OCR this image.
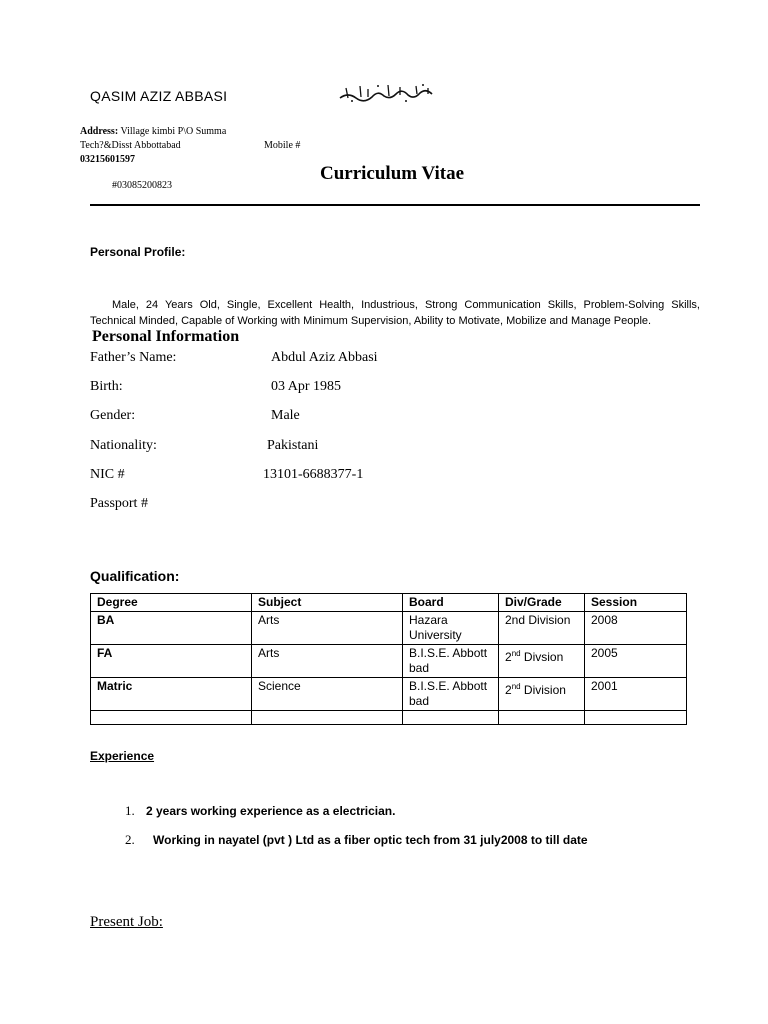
QASIM AZIZ ABBASI
Address: Village kimbi P\O Summa
Tech?&Disst Abbottabad	Mobile #
03215601597
#03085200823
Curriculum Vitae
Personal Profile:
Male, 24 Years Old, Single, Excellent Health, Industrious, Strong Communication Skills, Problem-Solving Skills, Technical Minded, Capable of Working with Minimum Supervision, Ability to Motivate, Mobilize and Manage People.
Personal Information
Father’s Name:	Abdul Aziz Abbasi
Birth:	03 Apr 1985
Gender:	Male
Nationality:	Pakistani
NIC #	13101-6688377-1
Passport #
Qualification:
Degree	Subject	Board	Div/Grade	Session
BA	Arts	Hazara University	2nd Division	2008
FA	Arts	B.I.S.E. Abbott bad	2nd Divsion	2005
Matric	Science	B.I.S.E. Abbott bad	2nd Division	2001

Experience
1. 2 years working experience as a electrician.
2. Working in nayatel (pvt ) Ltd as a fiber optic tech from 31 july2008 to till date
Present Job:
